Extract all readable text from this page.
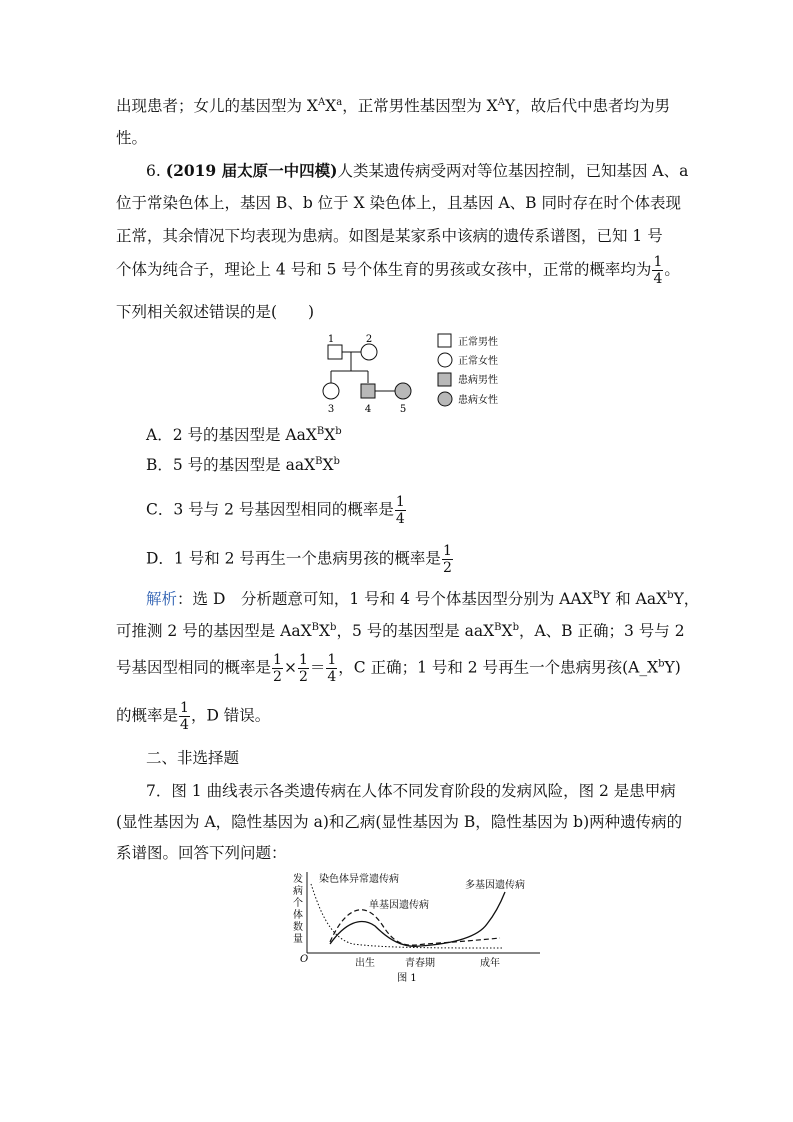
出现患者；女儿的基因型为 $X^AX^a$，正常男性基因型为 $X^AY$，故后代中患者均为男
性。
6. (2019 届太原一中四模)人类某遗传病受两对等位基因控制，已知基因 A、a
位于常染色体上，基因 B、b 位于 X 染色体上，且基因 A、B 同时存在时个体表现
正常，其余情况下均表现为患病。如图是某家系中该病的遗传系谱图，已知 1 号
个体为纯合子，理论上 4 号和 5 号个体生育的男孩或女孩中，正常的概率均为 $\frac{1}{4}$ 。
下列相关叙述错误的是(　　)
1	2
3	4	5
正常男性
正常女性
患病男性
患病女性
A．2 号的基因型是 $AaX^BX^b$
B．5 号的基因型是 $aaX^BX^b$
C．3 号与 2 号基因型相同的概率是 $\frac{1}{4}$
D．1 号和 2 号再生一个患病男孩的概率是 $\frac{1}{2}$
解析：选 D　分析题意可知，1 号和 4 号个体基因型分别为 $AAX^BY$ 和 AaX$^b$Y，
可推测 2 号的基因型是 $AaX^BX^b$，5 号的基因型是 $aaX^BX^b$，A、B 正确；3 号与 2
号基因型相同的概率是 $\frac{1}{2} \times \frac{1}{2} = \frac{1}{4}$ ，C 正确；1 号和 2 号再生一个患病男孩$(A\_X^bY)$
的概率是 $\frac{1}{4}$ ，D 错误。
二、非选择题
7．图 1 曲线表示各类遗传病在人体不同发育阶段的发病风险，图 2 是患甲病
(显性基因为 A，隐性基因为 a)和乙病(显性基因为 B，隐性基因为 b)两种遗传病的
系谱图。回答下列问题：
发
病
个
体
数
量
O	出生	青春期	成年
染色体异常遗传病
单基因遗传病
多基因遗传病
图 1
